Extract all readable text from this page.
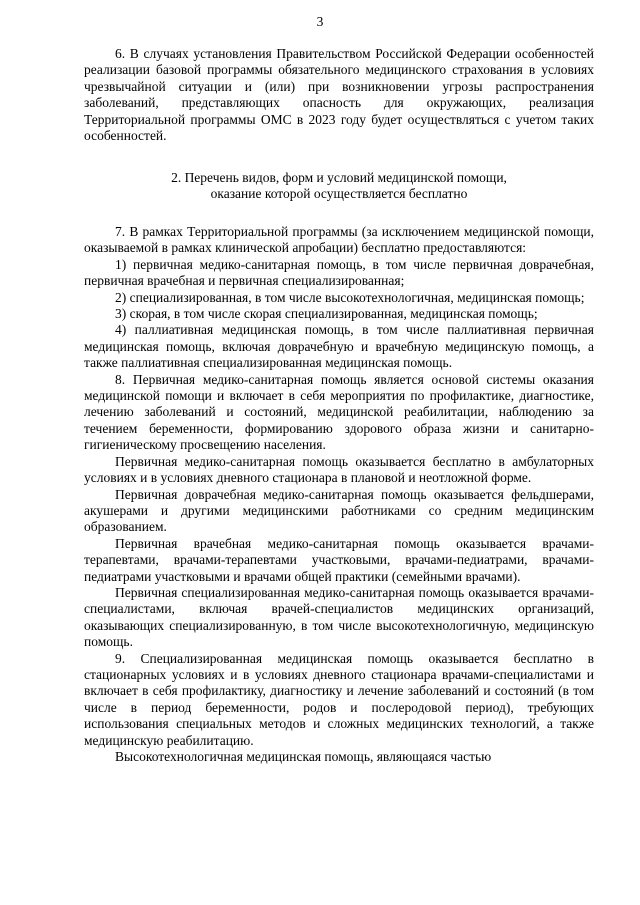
3

6. В случаях установления Правительством Российской Федерации особенностей реализации базовой программы обязательного медицинского страхования в условиях чрезвычайной ситуации и (или) при возникновении угрозы распространения заболеваний, представляющих опасность для окружающих, реализация Территориальной программы ОМС в 2023 году будет осуществляться с учетом таких особенностей.

2. Перечень видов, форм и условий медицинской помощи,
оказание которой осуществляется бесплатно

7. В рамках Территориальной программы (за исключением медицинской помощи, оказываемой в рамках клинической апробации) бесплатно предоставляются:

1) первичная медико-санитарная помощь, в том числе первичная доврачебная, первичная врачебная и первичная специализированная;

2) специализированная, в том числе высокотехнологичная, медицинская помощь;

3) скорая, в том числе скорая специализированная, медицинская помощь;

4) паллиативная медицинская помощь, в том числе паллиативная первичная медицинская помощь, включая доврачебную и врачебную медицинскую помощь, а также паллиативная специализированная медицинская помощь.

8. Первичная медико-санитарная помощь является основой системы оказания медицинской помощи и включает в себя мероприятия по профилактике, диагностике, лечению заболеваний и состояний, медицинской реабилитации, наблюдению за течением беременности, формированию здорового образа жизни и санитарно-гигиеническому просвещению населения.

Первичная медико-санитарная помощь оказывается бесплатно в амбулаторных условиях и в условиях дневного стационара в плановой и неотложной форме.

Первичная доврачебная медико-санитарная помощь оказывается фельдшерами, акушерами и другими медицинскими работниками со средним медицинским образованием.

Первичная врачебная медико-санитарная помощь оказывается врачами-терапевтами, врачами-терапевтами участковыми, врачами-педиатрами, врачами-педиатрами участковыми и врачами общей практики (семейными врачами).

Первичная специализированная медико-санитарная помощь оказывается врачами-специалистами, включая врачей-специалистов медицинских организаций, оказывающих специализированную, в том числе высокотехнологичную, медицинскую помощь.

9. Специализированная медицинская помощь оказывается бесплатно в стационарных условиях и в условиях дневного стационара врачами-специалистами и включает в себя профилактику, диагностику и лечение заболеваний и состояний (в том числе в период беременности, родов и послеродовой период), требующих использования специальных методов и сложных медицинских технологий, а также медицинскую реабилитацию.

Высокотехнологичная медицинская помощь, являющаяся частью
